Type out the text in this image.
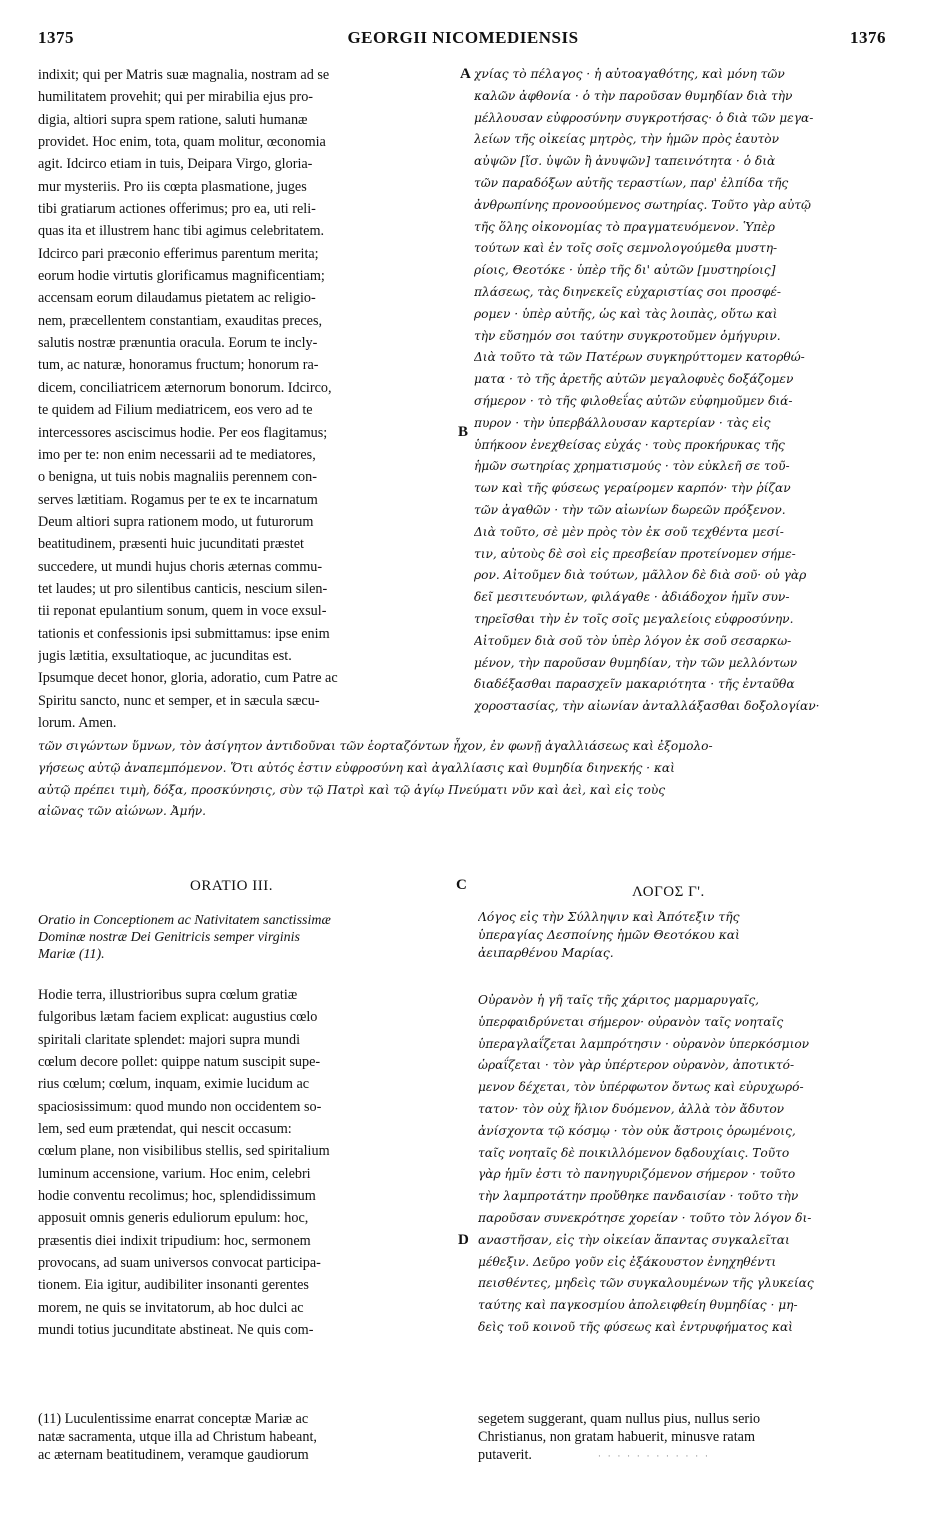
1375	GEORGII NICOMEDIENSIS	1376
indixit; qui per Matris suæ magnalia, nostram ad se
humilitatem provehit; qui per mirabilia ejus pro-
digia, altiori supra spem ratione, saluti humanæ
providet. Hoc enim, tota, quam molitur, œconomia
agit. Idcirco etiam in tuis, Deipara Virgo, gloria-
mur mysteriis. Pro iis cœpta plasmatione, juges
tibi gratiarum actiones offerimus; pro ea, uti reli-
quas ita et illustrem hanc tibi agimus celebritatem.
Idcirco pari præconio efferimus parentum merita;
eorum hodie virtutis glorificamus magnificentiam;
accensam eorum dilaudamus pietatem ac religio-
nem, præcellentem constantiam, exauditas preces,
salutis nostræ prænuntia oracula. Eorum te incly-
tum, ac naturæ, honoramus fructum; honorum ra-
dicem, conciliatricem æternorum bonorum. Idcirco,
te quidem ad Filium mediatricem, eos vero ad te
intercessores asciscimus hodie. Per eos flagitamus;
imo per te: non enim necessarii ad te mediatores,
o benigna, ut tuis nobis magnaliis perennem con-
serves lætitiam. Rogamus per te ex te incarnatum
Deum altiori supra rationem modo, ut futurorum
beatitudinem, præsenti huic jucunditati præstet
succedere, ut mundi hujus choris æternas commu-
tet laudes; ut pro silentibus canticis, nescium silen-
tii reponat epulantium sonum, quem in voce exsul-
tationis et confessionis ipsi submittamus: ipse enim
jugis lætitia, exsultatioque, ac jucunditas est.
Ipsumque decet honor, gloria, adoratio, cum Patre ac
Spiritu sancto, nunc et semper, et in sæcula sæcu-
lorum. Amen.
χνίας τὸ πέλαγος · ἡ αὐτοαγαθότης, καὶ μόνη τῶν
καλῶν ἀφθονία · ὁ τὴν παροῦσαν θυμηδίαν διὰ τὴν
μέλλουσαν εὐφροσύνην συγκροτήσας· ὁ διὰ τῶν μεγα-
λείων τῆς οἰκείας μητρὸς, τὴν ἡμῶν πρὸς ἑαυτὸν
αὐψῶν [ἴσ. ὑψῶν ἢ ἀνυψῶν] ταπεινότητα · ὁ διὰ
τῶν παραδόξων αὐτῆς τεραστίων, παρ' ἐλπίδα τῆς
ἀνθρωπίνης προνοούμενος σωτηρίας. Τοῦτο γὰρ αὐτῷ
τῆς ὅλης οἰκονομίας τὸ πραγματευόμενον. Ὑπὲρ
τούτων καὶ ἐν τοῖς σοῖς σεμνολογούμεθα μυστη-
ρίοις, Θεοτόκε · ὑπὲρ τῆς δι' αὐτῶν [μυστηρίοις]
πλάσεως, τὰς διηνεκεῖς εὐχαριστίας σοι προσφέ-
ρομεν · ὑπὲρ αὐτῆς, ὡς καὶ τὰς λοιπὰς, οὕτω καὶ
τὴν εὔσημόν σοι ταύτην συγκροτοῦμεν ὁμήγυριν.
Διὰ τοῦτο τὰ τῶν Πατέρων συγκηρύττομεν κατορθώ-
ματα · τὸ τῆς ἀρετῆς αὐτῶν μεγαλοφυὲς δοξάζομεν
σήμερον · τὸ τῆς φιλοθεΐας αὐτῶν εὐφημοῦμεν διά-
πυρον · τὴν ὑπερβάλλουσαν καρτερίαν · τὰς εἰς
ὑπήκοον ἐνεχθείσας εὐχάς · τοὺς προκήρυκας τῆς
ἡμῶν σωτηρίας χρηματισμούς · τὸν εὐκλεῆ σε τοῦ-
των καὶ τῆς φύσεως γεραίρομεν καρπόν· τὴν ῥίζαν
τῶν ἀγαθῶν · τὴν τῶν αἰωνίων δωρεῶν πρόξενον.
Διὰ τοῦτο, σὲ μὲν πρὸς τὸν ἐκ σοῦ τεχθέντα μεσί-
τιν, αὐτοὺς δὲ σοὶ εἰς πρεσβείαν προτείνομεν σήμε-
ρον. Αἰτοῦμεν διὰ τούτων, μᾶλλον δὲ διὰ σοῦ· οὐ γὰρ
δεῖ μεσιτευόντων, φιλάγαθε · ἀδιάδοχον ἡμῖν συν-
τηρεῖσθαι τὴν ἐν τοῖς σοῖς μεγαλείοις εὐφροσύνην.
Αἰτοῦμεν διὰ σοῦ τὸν ὑπὲρ λόγον ἐκ σοῦ σεσαρκω-
μένον, τὴν παροῦσαν θυμηδίαν, τὴν τῶν μελλόντων
διαδέξασθαι παρασχεῖν μακαριότητα · τῆς ἐνταῦθα
χοροστασίας, τὴν αἰωνίαν ἀνταλλάξασθαι δοξολογίαν·
A
B
C
D
τῶν σιγώντων ὕμνων, τὸν ἀσίγητον ἀντιδοῦναι τῶν ἑορταζόντων ἦχον, ἐν φωνῇ ἀγαλλιάσεως καὶ ἐξομολο-
γήσεως αὐτῷ ἀναπεμπόμενον. Ὅτι αὐτός ἐστιν εὐφροσύνη καὶ ἀγαλλίασις καὶ θυμηδία διηνεκής · καὶ
αὐτῷ πρέπει τιμὴ, δόξα, προσκύνησις, σὺν τῷ Πατρὶ καὶ τῷ ἁγίῳ Πνεύματι νῦν καὶ ἀεὶ, καὶ εἰς τοὺς
αἰῶνας τῶν αἰώνων. Ἀμήν.
ORATIO III.	ΛΟΓΟΣ Γ'.
Oratio in Conceptionem ac Nativitatem sanctissimæ
Dominæ nostræ Dei Genitricis semper virginis
Mariæ (11).
Λόγος εἰς τὴν Σύλληψιν καὶ Ἀπότεξιν τῆς
ὑπεραγίας Δεσποίνης ἡμῶν Θεοτόκου καὶ
ἀειπαρθένου Μαρίας.
Hodie terra, illustrioribus supra cœlum gratiæ
fulgoribus lætam faciem explicat: augustius cœlo
spiritali claritate splendet: majori supra mundi
cœlum decore pollet: quippe natum suscipit supe-
rius cœlum; cœlum, inquam, eximie lucidum ac
spaciosissimum: quod mundo non occidentem so-
lem, sed eum prætendat, qui nescit occasum:
cœlum plane, non visibilibus stellis, sed spiritalium
luminum accensione, varium. Hoc enim, celebri
hodie conventu recolimus; hoc, splendidissimum
apposuit omnis generis eduliorum epulum: hoc,
præsentis diei indixit tripudium: hoc, sermonem
provocans, ad suam universos convocat participa-
tionem. Eia igitur, audibiliter insonanti gerentes
morem, ne quis se invitatorum, ab hoc dulci ac
mundi totius jucunditate abstineat. Ne quis com-
Οὐρανὸν ἡ γῆ ταῖς τῆς χάριτος μαρμαρυγαῖς,
ὑπερφαιδρύνεται σήμερον· οὐρανὸν ταῖς νοηταῖς
ὑπεραγλαΐζεται λαμπρότησιν · οὐρανὸν ὑπερκόσμιον
ὡραΐζεται · τὸν γὰρ ὑπέρτερον οὐρανὸν, ἀποτικτό-
μενον δέχεται, τὸν ὑπέρφωτον ὄντως καὶ εὐρυχωρό-
τατον· τὸν οὐχ ἥλιον δυόμενον, ἀλλὰ τὸν ἄδυτον
ἀνίσχοντα τῷ κόσμῳ · τὸν οὐκ ἄστροις ὁρωμένοις,
ταῖς νοηταῖς δὲ ποικιλλόμενον δᾳδουχίαις. Τοῦτο
γὰρ ἡμῖν ἐστι τὸ πανηγυριζόμενον σήμερον · τοῦτο
τὴν λαμπροτάτην προὔθηκε πανδαισίαν · τοῦτο τὴν
παροῦσαν συνεκρότησε χορείαν · τοῦτο τὸν λόγον δι-
αναστῆσαν, εἰς τὴν οἰκείαν ἅπαντας συγκαλεῖται
μέθεξιν. Δεῦρο γοῦν εἰς ἐξάκουστον ἐνηχηθέντι
πεισθέντες, μηδεὶς τῶν συγκαλουμένων τῆς γλυκείας
ταύτης καὶ παγκοσμίου ἀπολειφθείη θυμηδίας · μη-
δεὶς τοῦ κοινοῦ τῆς φύσεως καὶ ἐντρυφήματος καὶ
(11) Luculentissime enarrat conceptæ Mariæ ac
natæ sacramenta, utque illa ad Christum habeant,
ac æternam beatitudinem, veramque gaudiorum
segetem suggerant, quam nullus pius, nullus serio
Christianus, non gratam habuerit, minusve ratam
putaverit.	· · · · · · · · · · · ·
